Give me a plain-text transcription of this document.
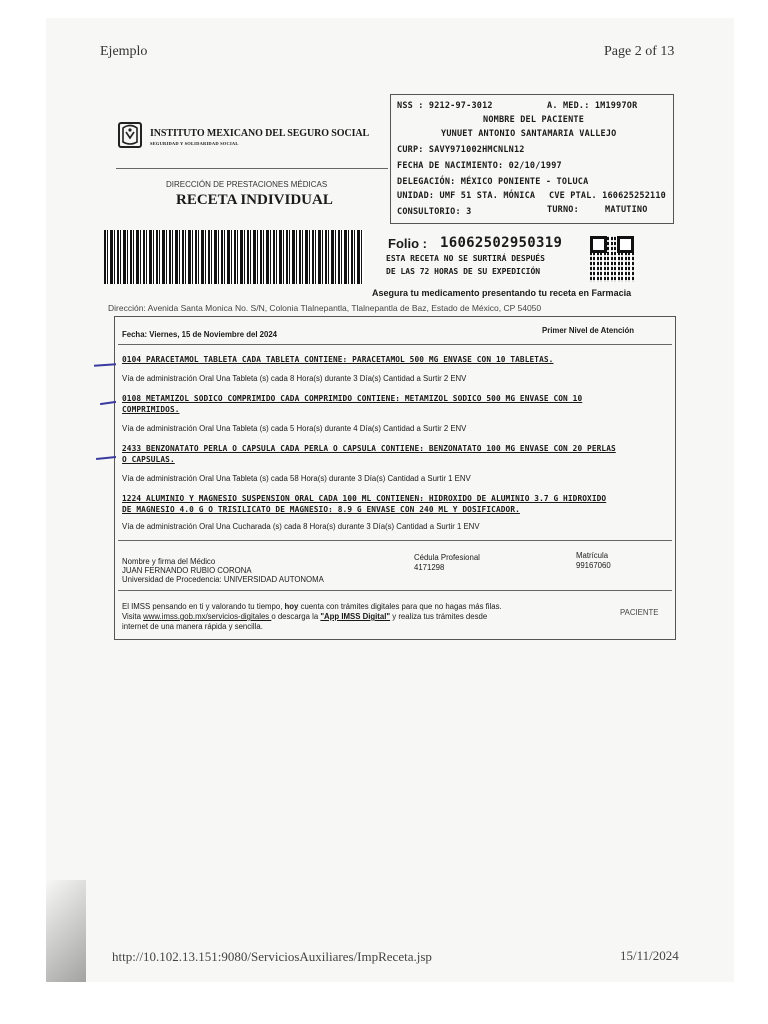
Ejemplo	Page 2 of 13
NSS : 9212-97-3012	A. MED.: 1M1997OR
NOMBRE DEL PACIENTE
YUNUET ANTONIO SANTAMARIA VALLEJO
CURP: SAVY971002HMCNLN12
FECHA DE NACIMIENTO: 02/10/1997
DELEGACIÓN: MÉXICO PONIENTE - TOLUCA
UNIDAD: UMF 51 STA. MÓNICA CVE PTAL. 160625252110
CONSULTORIO: 3	TURNO:	MATUTINO
INSTITUTO MEXICANO DEL SEGURO SOCIAL
SEGURIDAD Y SOLIDARIDAD SOCIAL
DIRECCIÓN DE PRESTACIONES MÉDICAS
RECETA INDIVIDUAL
Folio : 16062502950319
ESTA RECETA NO SE SURTIRÁ DESPUÉS
DE LAS 72 HORAS DE SU EXPEDICIÓN
Asegura tu medicamento presentando tu receta en Farmacia
Dirección: Avenida Santa Monica No. S/N, Colonia Tlalnepantla, Tlalnepantla de Baz, Estado de México, CP 54050
Fecha: Viernes, 15 de Noviembre del 2024	Primer Nivel de Atención
0104 PARACETAMOL TABLETA CADA TABLETA CONTIENE: PARACETAMOL 500 MG ENVASE CON 10 TABLETAS.
Vía de administración Oral Una Tableta (s) cada 8 Hora(s) durante 3 Día(s) Cantidad a Surtir 2 ENV
0108 METAMIZOL SODICO COMPRIMIDO CADA COMPRIMIDO CONTIENE: METAMIZOL SODICO 500 MG ENVASE CON 10
COMPRIMIDOS.
Vía de administración Oral Una Tableta (s) cada 5 Hora(s) durante 4 Día(s) Cantidad a Surtir 2 ENV
2433 BENZONATATO PERLA O CAPSULA CADA PERLA O CAPSULA CONTIENE: BENZONATATO 100 MG ENVASE CON 20 PERLAS
O CAPSULAS.
Vía de administración Oral Una Tableta (s) cada 58 Hora(s) durante 3 Día(s) Cantidad a Surtir 1 ENV
1224 ALUMINIO Y MAGNESIO SUSPENSION ORAL CADA 100 ML CONTIENEN: HIDROXIDO DE ALUMINIO 3.7 G HIDROXIDO
DE MAGNESIO 4.0 G O TRISILICATO DE MAGNESIO: 8.9 G ENVASE CON 240 ML Y DOSIFICADOR.
Vía de administración Oral Una Cucharada (s) cada 8 Hora(s) durante 3 Día(s) Cantidad a Surtir 1 ENV
Nombre y firma del Médico
JUAN FERNANDO RUBIO CORONA
Universidad de Procedencia: UNIVERSIDAD AUTONOMA
Cédula Profesional
4171298
Matrícula
99167060
El IMSS pensando en ti y valorando tu tiempo, hoy cuenta con trámites digitales para que no hagas más filas.
Visita www.imss.gob.mx/servicios-digitales o descarga la "App IMSS Digital" y realiza tus trámites desde
internet de una manera rápida y sencilla.
PACIENTE
http://10.102.13.151:9080/ServiciosAuxiliares/ImpReceta.jsp	15/11/2024
